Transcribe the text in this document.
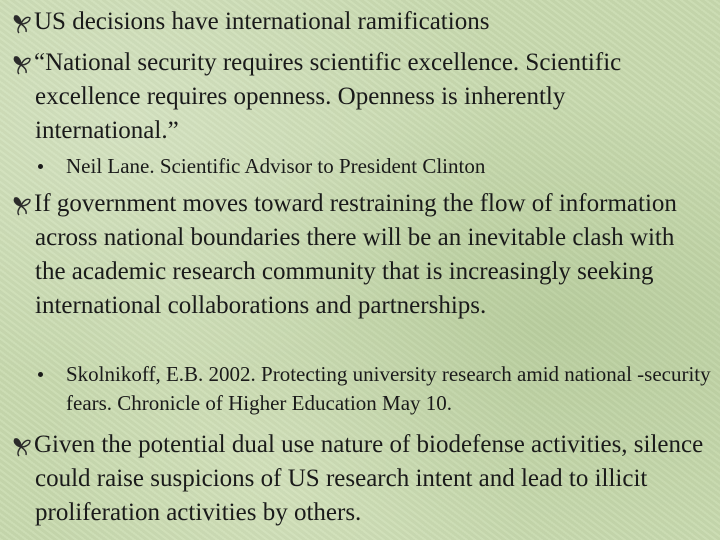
US decisions have international ramifications
“National security requires scientific excellence. Scientific excellence requires openness. Openness is inherently international.”
Neil Lane. Scientific Advisor to President Clinton
If government moves toward restraining the flow of information across national boundaries there will be an inevitable clash with the academic research community that is increasingly seeking international collaborations and partnerships.
Skolnikoff, E.B. 2002. Protecting university research amid national -security fears. Chronicle of Higher Education May 10.
Given the potential dual use nature of biodefense activities, silence could raise suspicions of US research intent and lead to illicit proliferation activities by others.
